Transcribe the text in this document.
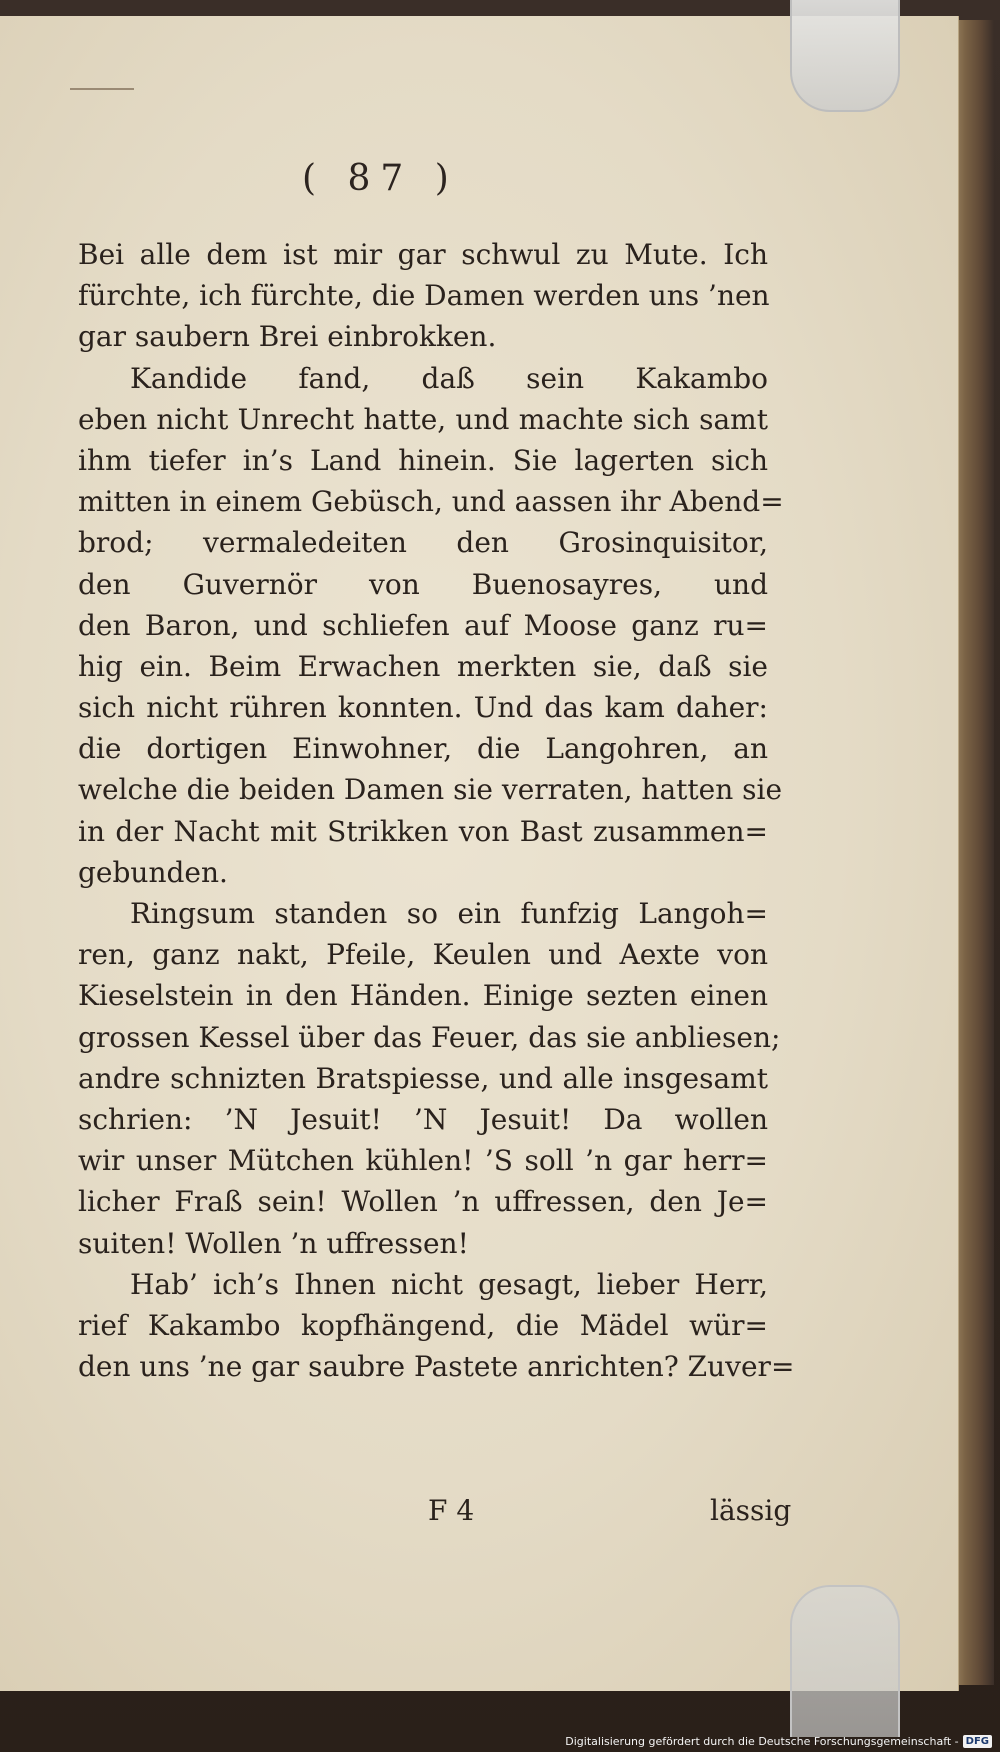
( 87 )
Bei alle dem ist mir gar schwul zu Mute. Ich
fürchte, ich fürchte, die Damen werden uns ’nen
gar saubern Brei einbrokken.
Kandide fand, daß sein Kakambo
eben nicht Unrecht hatte, und machte sich samt
ihm tiefer in’s Land hinein. Sie lagerten sich
mitten in einem Gebüsch, und aassen ihr Abend=
brod; vermaledeiten den Grosinquisitor,
den Guvernör von Buenosayres, und
den Baron, und schliefen auf Moose ganz ru=
hig ein. Beim Erwachen merkten sie, daß sie
sich nicht rühren konnten. Und das kam daher:
die dortigen Einwohner, die Langohren, an
welche die beiden Damen sie verraten, hatten sie
in der Nacht mit Strikken von Bast zusammen=
gebunden.
Ringsum standen so ein funfzig Langoh=
ren, ganz nakt, Pfeile, Keulen und Aexte von
Kieselstein in den Händen. Einige sezten einen
grossen Kessel über das Feuer, das sie anbliesen;
andre schnizten Bratspiesse, und alle insgesamt
schrien: ’N Jesuit! ’N Jesuit! Da wollen
wir unser Mütchen kühlen! ’S soll ’n gar herr=
licher Fraß sein! Wollen ’n uffressen, den Je=
suiten! Wollen ’n uffressen!
Hab’ ich’s Ihnen nicht gesagt, lieber Herr,
rief Kakambo kopfhängend, die Mädel wür=
den uns ’ne gar saubre Pastete anrichten? Zuver=
F 4	lässig
Digitalisierung gefördert durch die Deutsche Forschungsgemeinschaft - DFG
